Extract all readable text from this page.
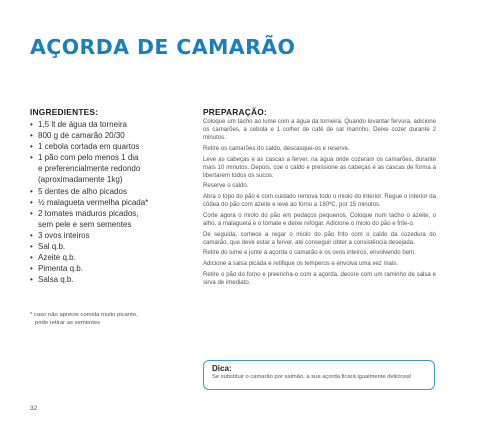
AÇORDA DE CAMARÃO
INGREDIENTES:
• 1,5 lt de água da torneira
• 800 g de camarão 20/30
• 1 cebola cortada em quartos
• 1 pão com pelo menos 1 dia
e preferencialmente redondo
(aproximadamente 1kg)
• 5 dentes de alho picados
• ½ malagueta vermelha picada*
• 2 tomates maduros picados,
sem pele e sem sementes
• 3 ovos inteiros
• Sal q.b.
• Azeite q.b.
• Pimenta q.b.
• Salsa q.b.
* caso não aprecie comida muito picante,
pode retirar as sementes
PREPARAÇÃO:

Coloque um tacho ao lume com a água da torneira. Quando levantar fervura, adicione os camarões, a cebola e 1 colher de café de sal marinho. Deixe cozer durante 2 minutos.

Retire os camarões do caldo, descasque-os e reserve.

Leve as cabeças e as cascas a ferver, na água onde cozeram os camarões, durante mais 10 minutos. Depois, coe o caldo e pressione as cabeças e as cascas de forma a libertarem todos os sucos.

Reserve o caldo.

Abra o topo do pão e com cuidado remova todo o miolo do interior. Regue o interior da côdea do pão com azeite e leve ao forno a 180ºC, por 15 minutos.

Corte agora o miolo do pão em pedaços pequenos. Coloque num tacho o azeite, o alho, a malagueta e o tomate e deixe refogar. Adicione o miolo do pão e frite-o.

De seguida, comece a regar o miolo do pão frito com o caldo da cozedura do camarão, que deve estar a ferver, até conseguir obter a consistência desejada.

Retire do lume e junte à açorda o camarão e os ovos inteiros, envolvendo bem.

Adicione a salsa picada e retifique os temperos e envolva uma vez mais.

Retire o pão do forno e preencha-o com a açorda, decore com um raminho de salsa e sirva de imediato.

Dica:

Se substituir o camarão por salmão, a sua açorda ficará igualmente deliciosa!

32
